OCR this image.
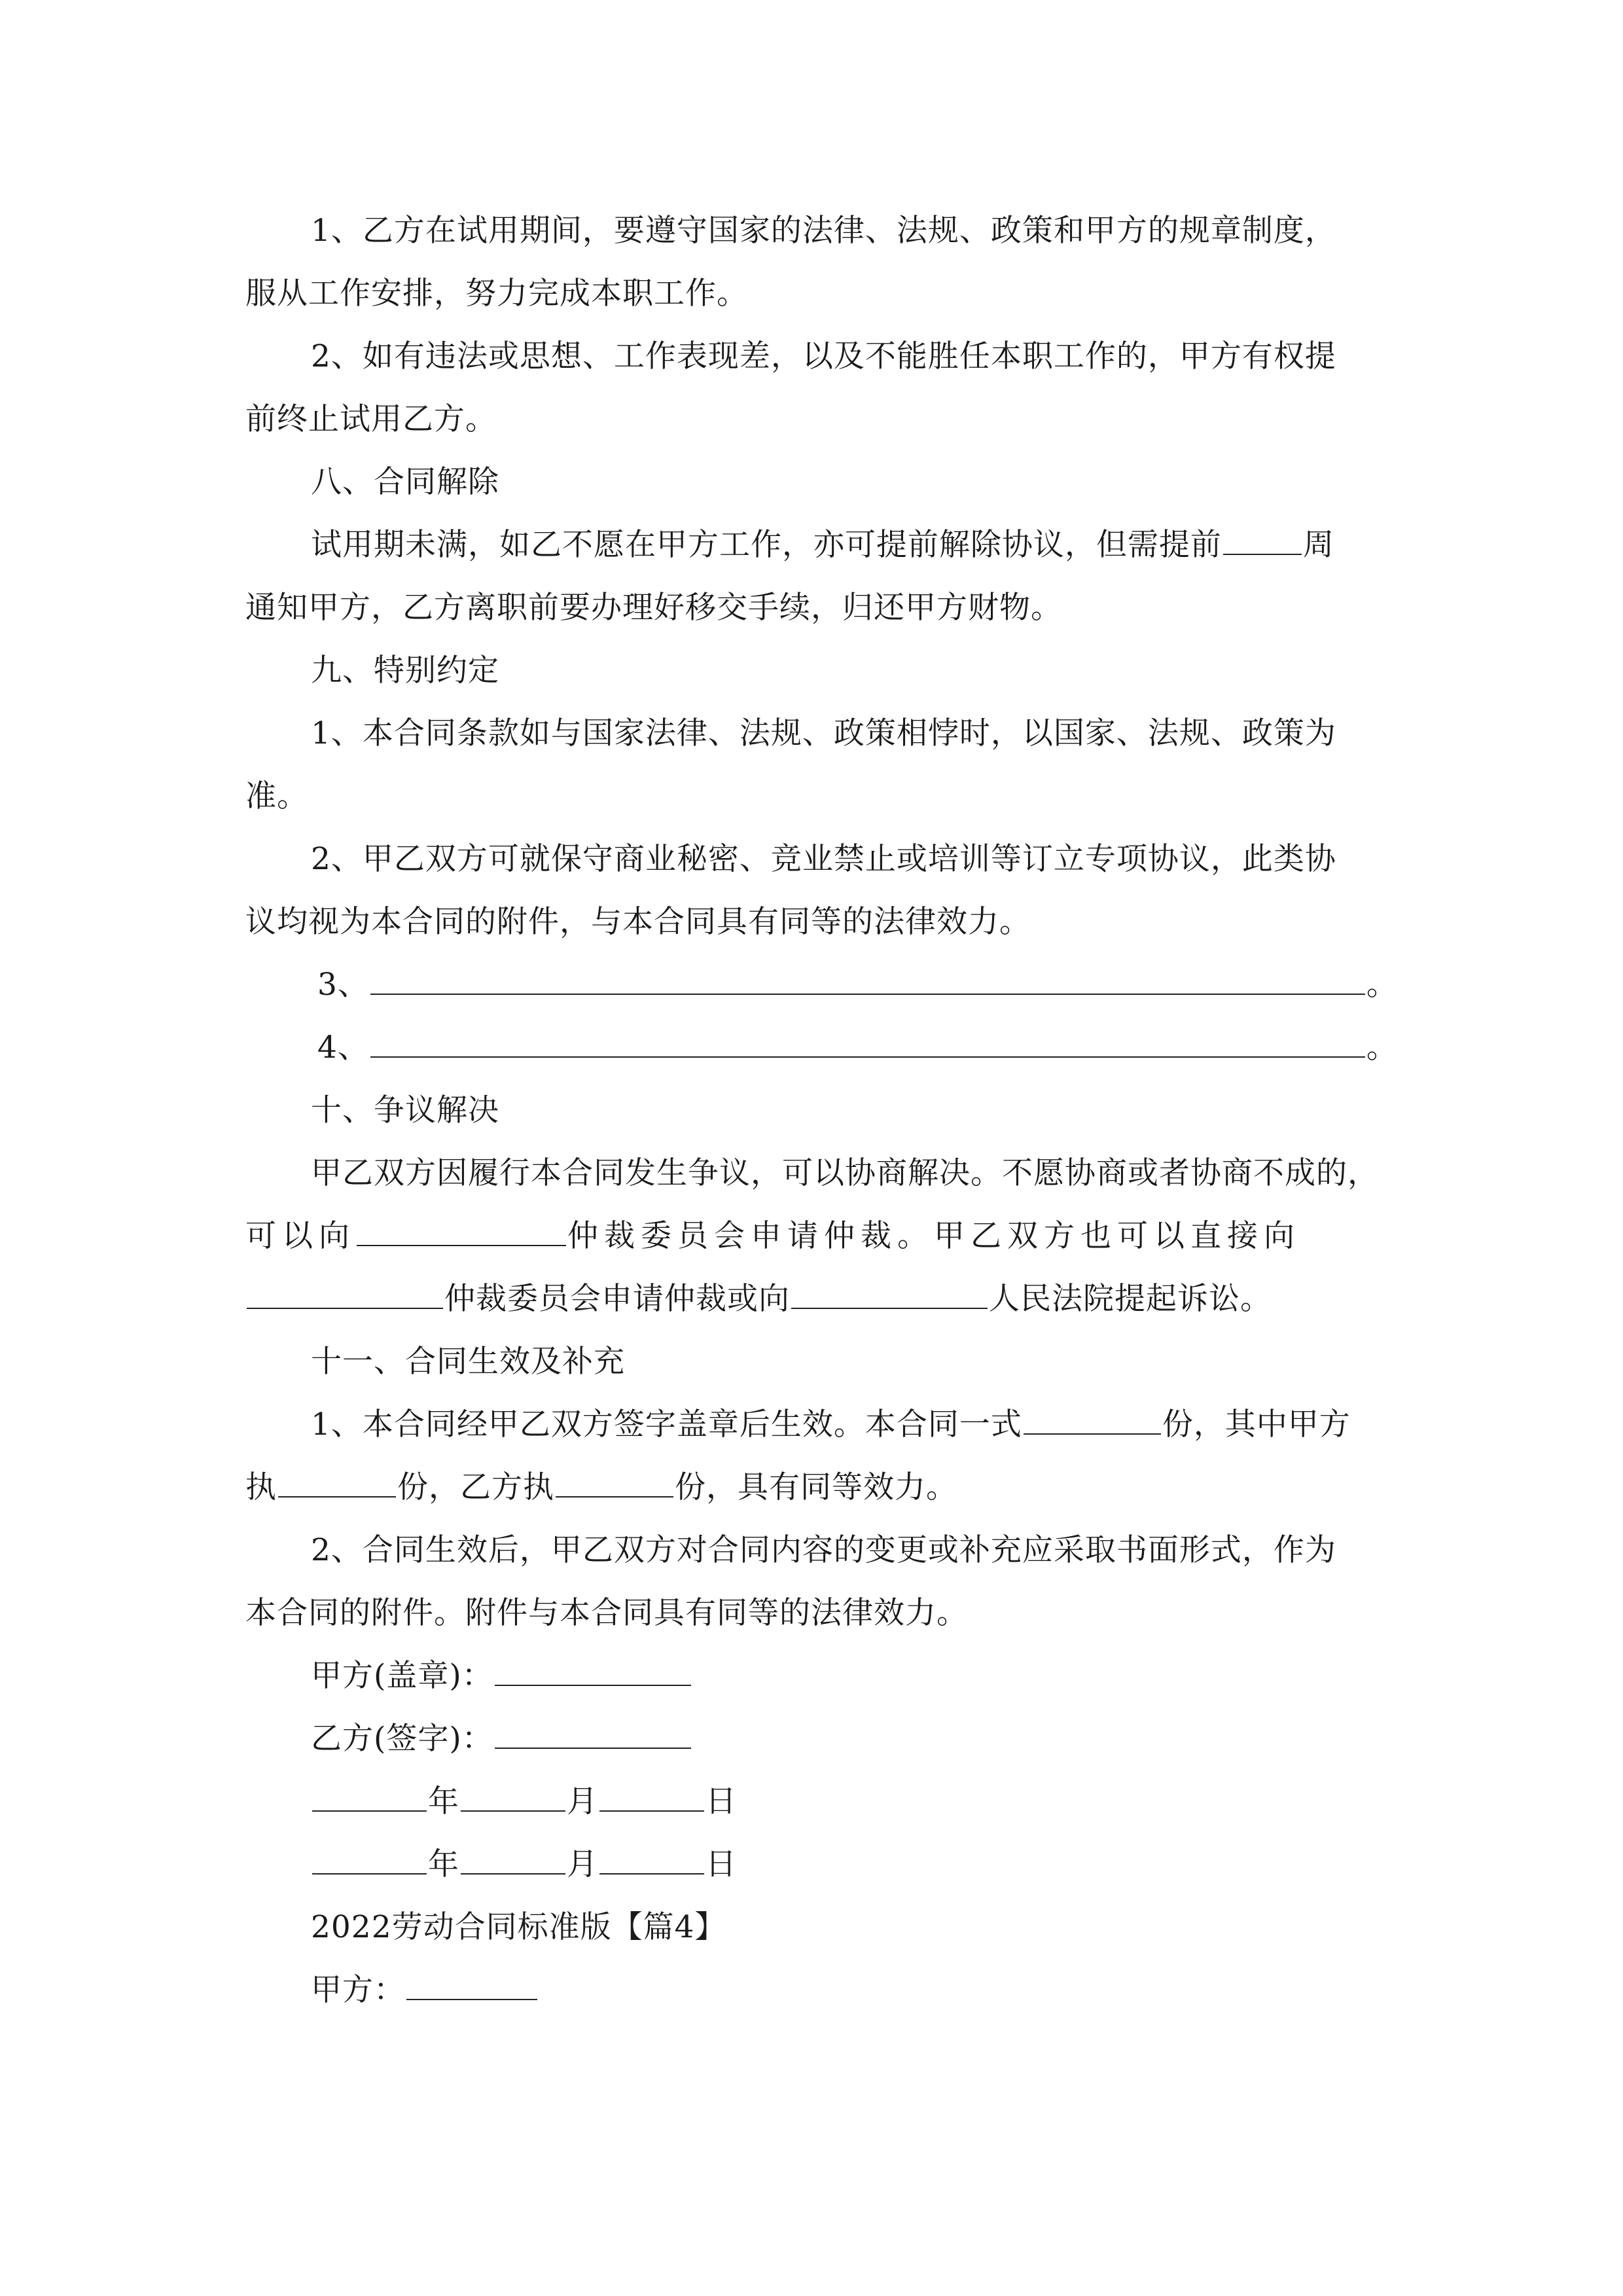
1、乙方在试用期间，要遵守国家的法律、法规、政策和甲方的规章制度，
服从工作安排，努力完成本职工作。
2、如有违法或思想、工作表现差，以及不能胜任本职工作的，甲方有权提
前终止试用乙方。
八、合同解除
试用期未满，如乙不愿在甲方工作，亦可提前解除协议，但需提前	周
通知甲方，乙方离职前要办理好移交手续，归还甲方财物。
九、特别约定
1、本合同条款如与国家法律、法规、政策相悖时，以国家、法规、政策为
准。
2、甲乙双方可就保守商业秘密、竞业禁止或培训等订立专项协议，此类协
议均视为本合同的附件，与本合同具有同等的法律效力。
3、	。
4、	。
十、争议解决
甲乙双方因履行本合同发生争议，可以协商解决。不愿协商或者协商不成的，
可以向	仲裁委员会申请仲裁。甲乙双方也可以直接向
仲裁委员会申请仲裁或向	人民法院提起诉讼。
十一、合同生效及补充
1、本合同经甲乙双方签字盖章后生效。本合同一式	份，其中甲方
执	份，乙方执	份，具有同等效力。
2、合同生效后，甲乙双方对合同内容的变更或补充应采取书面形式，作为
本合同的附件。附件与本合同具有同等的法律效力。
甲方(盖章)：
乙方(签字)：
年	月	日
年	月	日
2022劳动合同标准版【篇4】
甲方：
